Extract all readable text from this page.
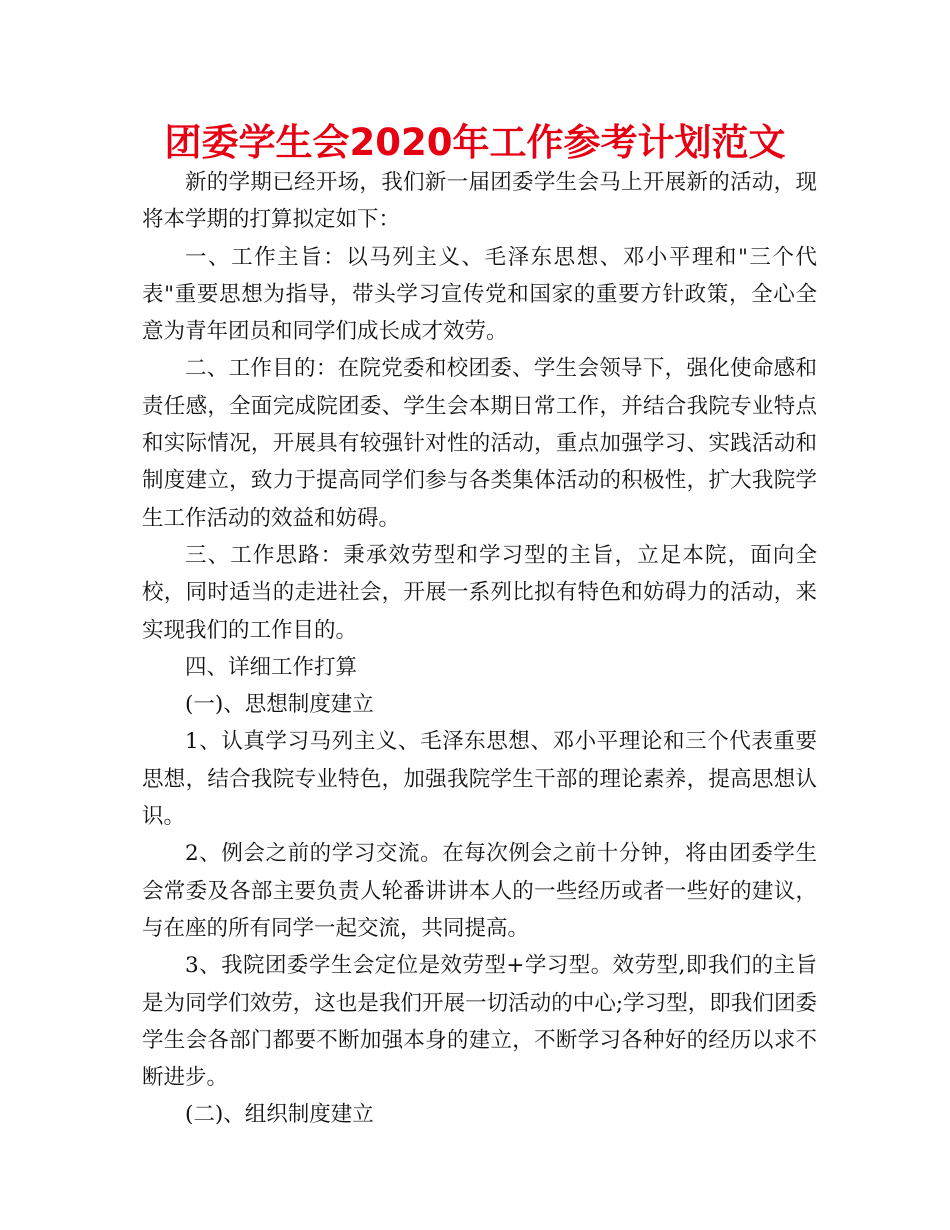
团委学生会2020年工作参考计划范文

新的学期已经开场，我们新一届团委学生会马上开展新的活动，现将本学期的打算拟定如下：

一、工作主旨：以马列主义、毛泽东思想、邓小平理和"三个代表"重要思想为指导，带头学习宣传党和国家的重要方针政策，全心全意为青年团员和同学们成长成才效劳。

二、工作目的：在院党委和校团委、学生会领导下，强化使命感和责任感，全面完成院团委、学生会本期日常工作，并结合我院专业特点和实际情况，开展具有较强针对性的活动，重点加强学习、实践活动和制度建立，致力于提高同学们参与各类集体活动的积极性，扩大我院学生工作活动的效益和妨碍。

三、工作思路：秉承效劳型和学习型的主旨，立足本院，面向全校，同时适当的走进社会，开展一系列比拟有特色和妨碍力的活动，来实现我们的工作目的。

四、详细工作打算

(一)、思想制度建立

1、认真学习马列主义、毛泽东思想、邓小平理论和三个代表重要思想，结合我院专业特色，加强我院学生干部的理论素养，提高思想认识。

2、例会之前的学习交流。在每次例会之前十分钟，将由团委学生会常委及各部主要负责人轮番讲讲本人的一些经历或者一些好的建议，与在座的所有同学一起交流，共同提高。

3、我院团委学生会定位是效劳型+学习型。效劳型,即我们的主旨是为同学们效劳，这也是我们开展一切活动的中心;学习型，即我们团委学生会各部门都要不断加强本身的建立，不断学习各种好的经历以求不断进步。

(二)、组织制度建立
